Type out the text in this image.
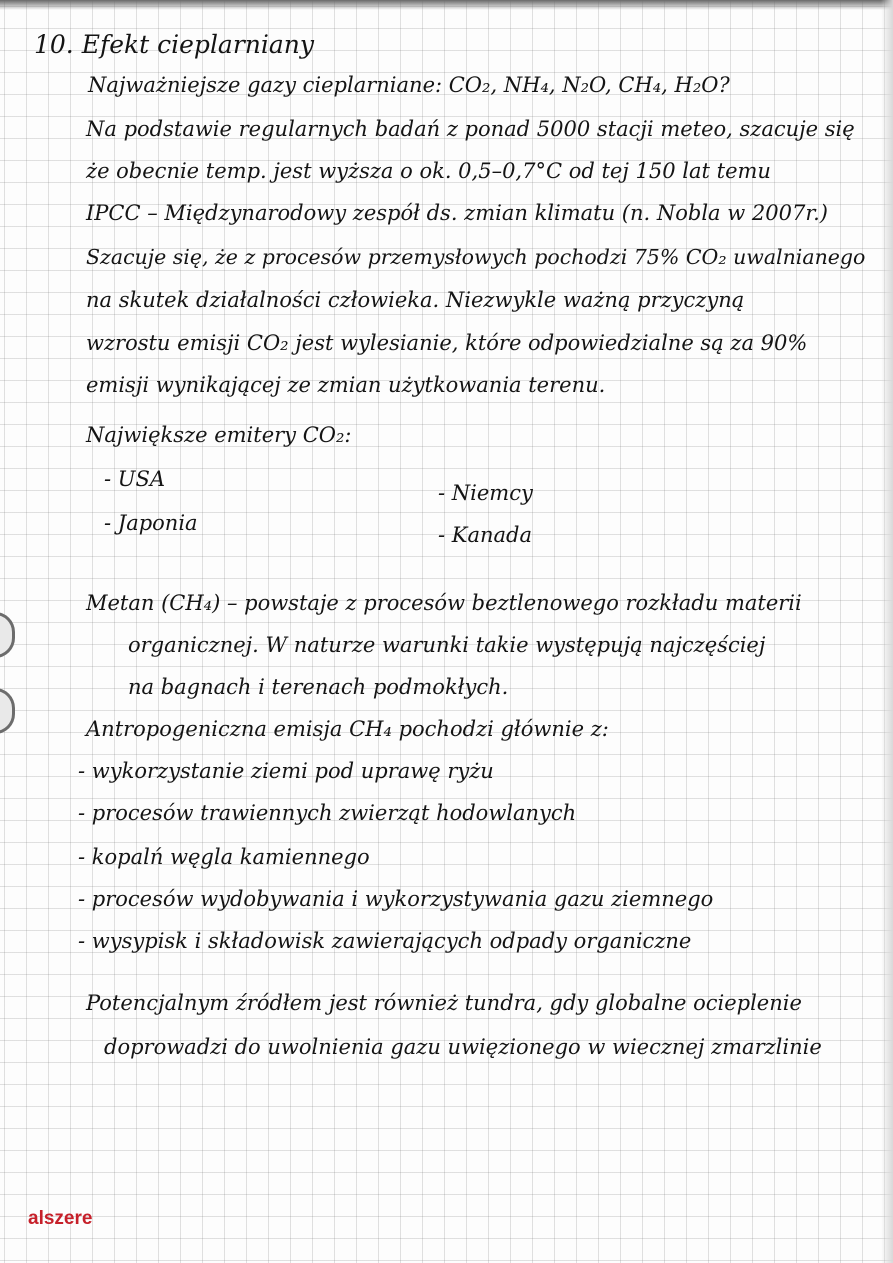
10. Efekt cieplarniany

Najważniejsze gazy cieplarniane: CO₂, NH₄, N₂O, CH₄, H₂O?

Na podstawie regularnych badań z ponad 5000 stacji meteo, szacuje się

że obecnie temp. jest wyższa o ok. 0,5–0,7°C od tej 150 lat temu

IPCC – Międzynarodowy zespół ds. zmian klimatu (n. Nobla w 2007r.)

Szacuje się, że z procesów przemysłowych pochodzi 75% CO₂ uwalnianego

na skutek działalności człowieka. Niezwykle ważną przyczyną

wzrostu emisji CO₂ jest wylesianie, które odpowiedzialne są za 90%

emisji wynikającej ze zmian użytkowania terenu.

Największe emitery CO₂:

- USA

- Japonia

- Niemcy

- Kanada

Metan (CH₄) – powstaje z procesów beztlenowego rozkładu materii

organicznej. W naturze warunki takie występują najczęściej

na bagnach i terenach podmokłych.

Antropogeniczna emisja CH₄ pochodzi głównie z:

- wykorzystanie ziemi pod uprawę ryżu

- procesów trawiennych zwierząt hodowlanych

- kopalń węgla kamiennego

- procesów wydobywania i wykorzystywania gazu ziemnego

- wysypisk i składowisk zawierających odpady organiczne

Potencjalnym źródłem jest również tundra, gdy globalne ocieplenie

doprowadzi do uwolnienia gazu uwięzionego w wiecznej zmarzlinie

alszere
